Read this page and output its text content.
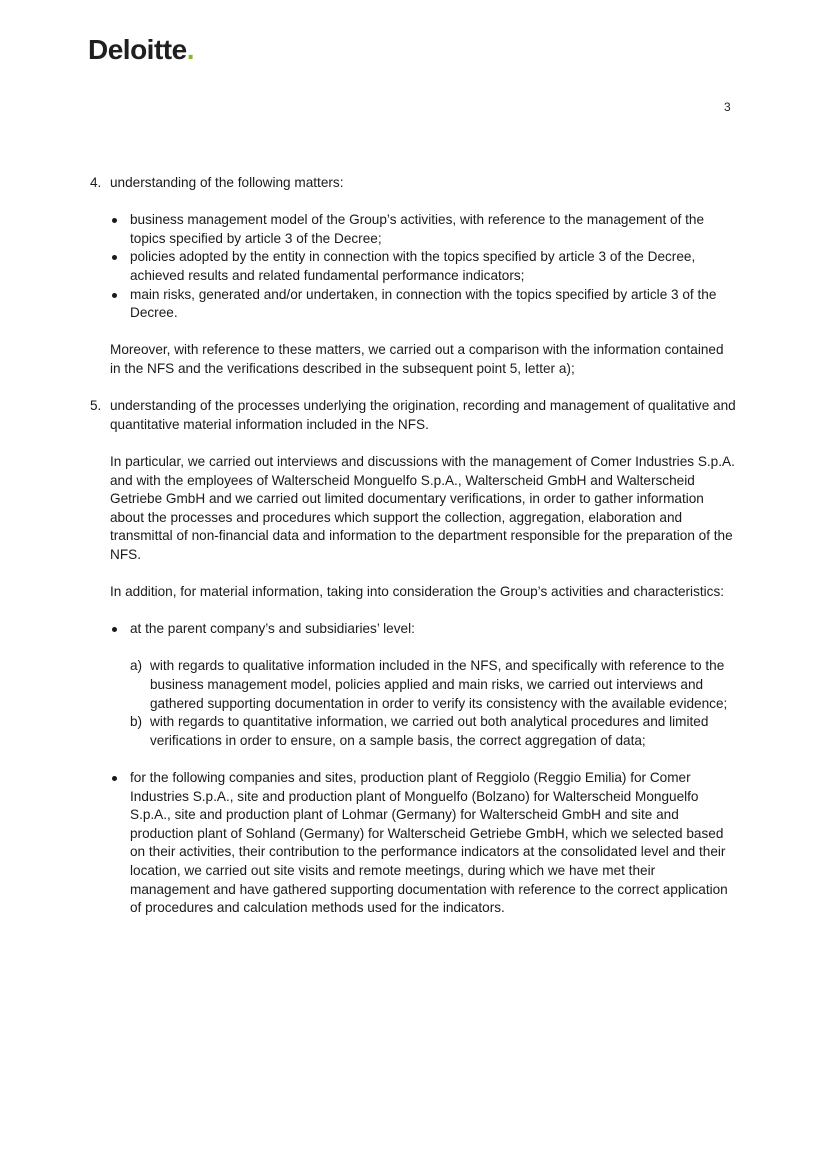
Deloitte.
3
4. understanding of the following matters:

business management model of the Group’s activities, with reference to the management of the topics specified by article 3 of the Decree;
policies adopted by the entity in connection with the topics specified by article 3 of the Decree, achieved results and related fundamental performance indicators;
main risks, generated and/or undertaken, in connection with the topics specified by article 3 of the Decree.

Moreover, with reference to these matters, we carried out a comparison with the information contained in the NFS and the verifications described in the subsequent point 5, letter a);

5. understanding of the processes underlying the origination, recording and management of qualitative and quantitative material information included in the NFS.

In particular, we carried out interviews and discussions with the management of Comer Industries S.p.A. and with the employees of Walterscheid Monguelfo S.p.A., Walterscheid GmbH and Walterscheid Getriebe GmbH and we carried out limited documentary verifications, in order to gather information about the processes and procedures which support the collection, aggregation, elaboration and transmittal of non-financial data and information to the department responsible for the preparation of the NFS.

In addition, for material information, taking into consideration the Group’s activities and characteristics:

at the parent company’s and subsidiaries’ level:
a) with regards to qualitative information included in the NFS, and specifically with reference to the business management model, policies applied and main risks, we carried out interviews and gathered supporting documentation in order to verify its consistency with the available evidence;
b) with regards to quantitative information, we carried out both analytical procedures and limited verifications in order to ensure, on a sample basis, the correct aggregation of data;
for the following companies and sites, production plant of Reggiolo (Reggio Emilia) for Comer Industries S.p.A., site and production plant of Monguelfo (Bolzano) for Walterscheid Monguelfo S.p.A., site and production plant of Lohmar (Germany) for Walterscheid GmbH and site and production plant of Sohland (Germany) for Walterscheid Getriebe GmbH, which we selected based on their activities, their contribution to the performance indicators at the consolidated level and their location, we carried out site visits and remote meetings, during which we have met their management and have gathered supporting documentation with reference to the correct application of procedures and calculation methods used for the indicators.
